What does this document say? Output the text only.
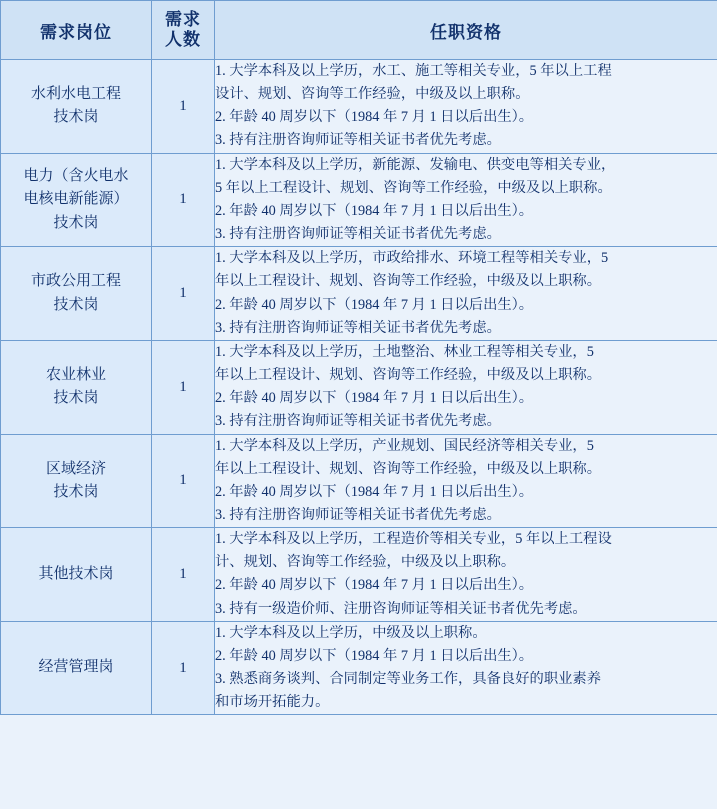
需求岗位	需求 人数	任职资格

水利水电工程
技术岗	1	1. 大学本科及以上学历，水工、施工等相关专业，5 年以上工程
设计、规划、咨询等工作经验，中级及以上职称。
2. 年龄 40 周岁以下（1984 年 7 月 1 日以后出生）。
3. 持有注册咨询师证等相关证书者优先考虑。

电力（含火电水
电核电新能源）
技术岗	1	1. 大学本科及以上学历，新能源、发输电、供变电等相关专业，
5 年以上工程设计、规划、咨询等工作经验，中级及以上职称。
2. 年龄 40 周岁以下（1984 年 7 月 1 日以后出生）。
3. 持有注册咨询师证等相关证书者优先考虑。

市政公用工程
技术岗	1	1. 大学本科及以上学历，市政给排水、环境工程等相关专业，5
年以上工程设计、规划、咨询等工作经验，中级及以上职称。
2. 年龄 40 周岁以下（1984 年 7 月 1 日以后出生）。
3. 持有注册咨询师证等相关证书者优先考虑。

农业林业
技术岗	1	1. 大学本科及以上学历，土地整治、林业工程等相关专业，5
年以上工程设计、规划、咨询等工作经验，中级及以上职称。
2. 年龄 40 周岁以下（1984 年 7 月 1 日以后出生）。
3. 持有注册咨询师证等相关证书者优先考虑。

区域经济
技术岗	1	1. 大学本科及以上学历，产业规划、国民经济等相关专业，5
年以上工程设计、规划、咨询等工作经验，中级及以上职称。
2. 年龄 40 周岁以下（1984 年 7 月 1 日以后出生）。
3. 持有注册咨询师证等相关证书者优先考虑。

其他技术岗	1	1. 大学本科及以上学历，工程造价等相关专业，5 年以上工程设
计、规划、咨询等工作经验，中级及以上职称。
2. 年龄 40 周岁以下（1984 年 7 月 1 日以后出生）。
3. 持有一级造价师、注册咨询师证等相关证书者优先考虑。

经营管理岗	1	1. 大学本科及以上学历，中级及以上职称。
2. 年龄 40 周岁以下（1984 年 7 月 1 日以后出生）。
3. 熟悉商务谈判、合同制定等业务工作，具备良好的职业素养
和市场开拓能力。
